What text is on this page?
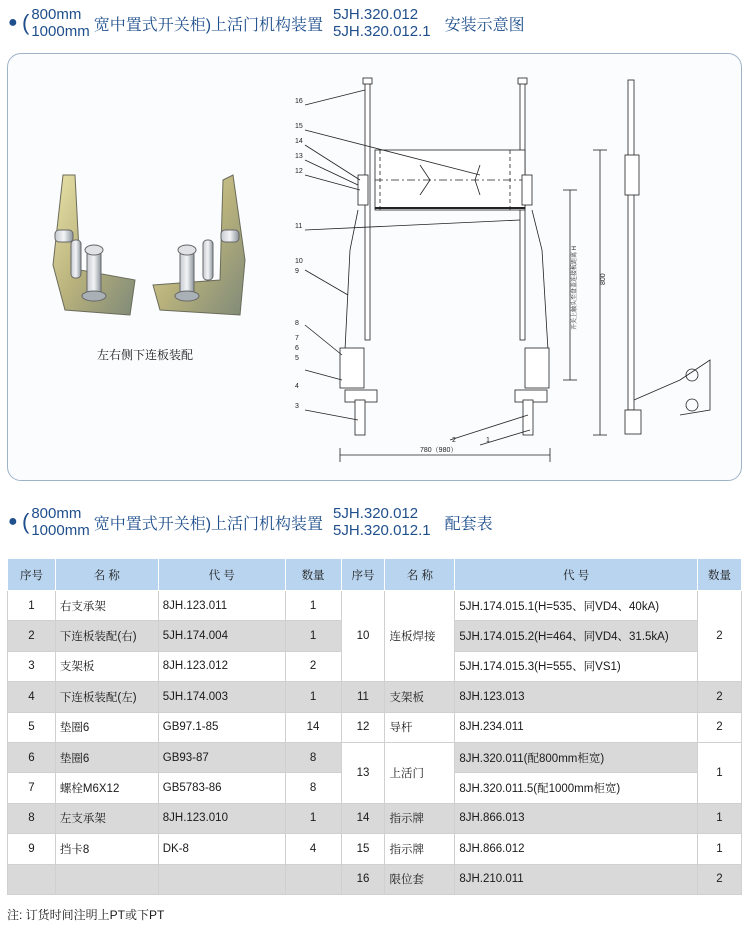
● ( 800mm
1000mm 宽中置式开关柜)上活门机构装置
5JH.320.012
5JH.320.012.1 安装示意图
左右侧下连板装配
16
15
14
13
12
11
10
9
8
7
6
5
4
3
2	1
780（980）
800
开关上触头至盘盖连接板距离 H
● ( 800mm
1000mm 宽中置式开关柜)上活门机构装置
5JH.320.012
5JH.320.012.1 配套表
序号	名 称	代 号	数量	序号	名 称	代 号	数量
1	右支承架	8JH.123.011	1	10	连板焊接	5JH.174.015.1(H=535、同VD4、40kA)	2
2	下连板装配(右)	5JH.174.004	1			5JH.174.015.2(H=464、同VD4、31.5kA)	
3	支架板	8JH.123.012	2			5JH.174.015.3(H=555、同VS1)	
4	下连板装配(左)	5JH.174.003	1	11	支架板	8JH.123.013	2
5	垫圈6	GB97.1-85	14	12	导杆	8JH.234.011	2
6	垫圈6	GB93-87	8	13	上活门	8JH.320.011(配800mm柜宽)	1
7	螺栓M6X12	GB5783-86	8			8JH.320.011.5(配1000mm柜宽)	
8	左支承架	8JH.123.010	1	14	指示牌	8JH.866.013	1
9	挡卡8	DK-8	4	15	指示牌	8JH.866.012	1
				16	限位套	8JH.210.011	2
注: 订货时间注明上PT或下PT
